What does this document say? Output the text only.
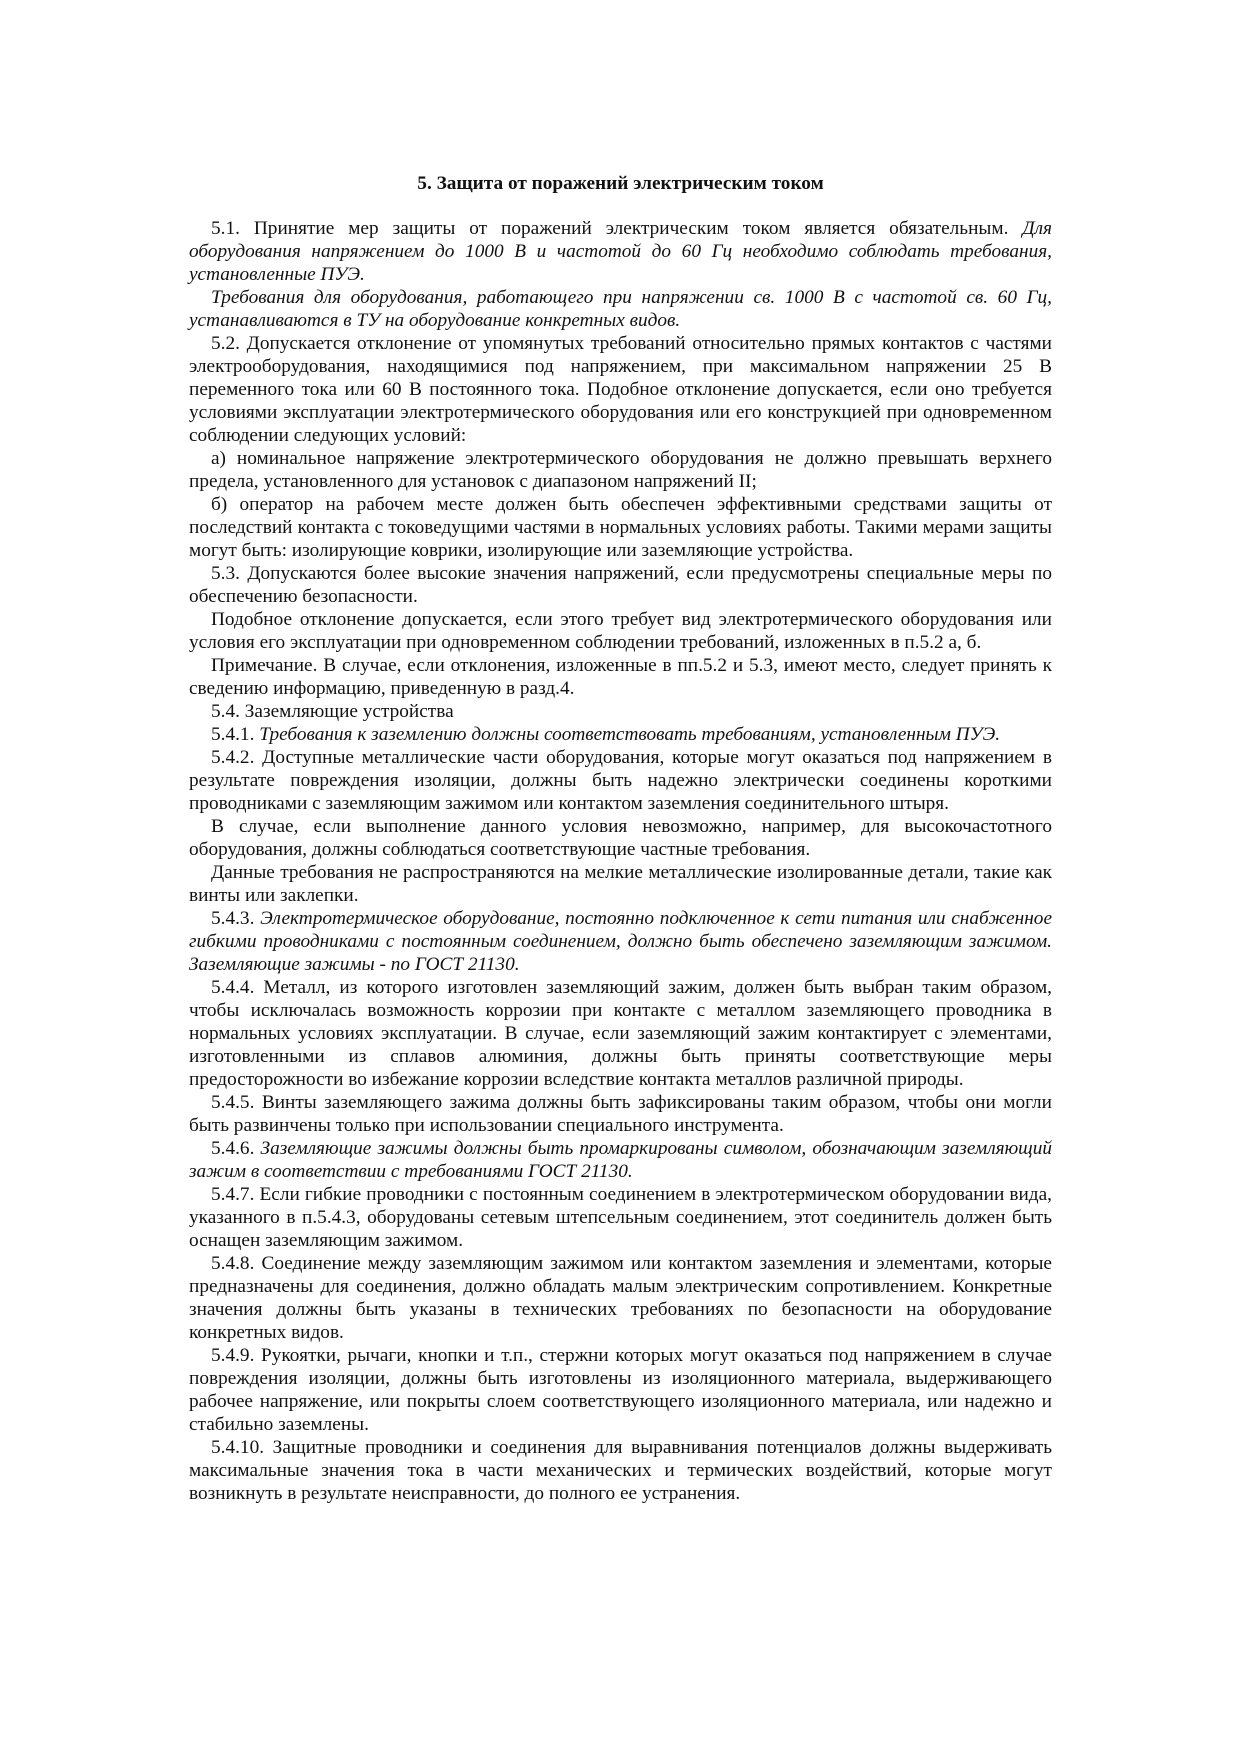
5. Защита от поражений электрическим током
5.1. Принятие мер защиты от поражений электрическим током является обязательным. Для оборудования напряжением до 1000 В и частотой до 60 Гц необходимо соблюдать требования, установленные ПУЭ.
Требования для оборудования, работающего при напряжении св. 1000 В с частотой св. 60 Гц, устанавливаются в ТУ на оборудование конкретных видов.
5.2. Допускается отклонение от упомянутых требований относительно прямых контактов с частями электрооборудования, находящимися под напряжением, при максимальном напряжении 25 В переменного тока или 60 В постоянного тока. Подобное отклонение допускается, если оно требуется условиями эксплуатации электротермического оборудования или его конструкцией при одновременном соблюдении следующих условий:
а) номинальное напряжение электротермического оборудования не должно превышать верхнего предела, установленного для установок с диапазоном напряжений II;
б) оператор на рабочем месте должен быть обеспечен эффективными средствами защиты от последствий контакта с токоведущими частями в нормальных условиях работы. Такими мерами защиты могут быть: изолирующие коврики, изолирующие или заземляющие устройства.
5.3. Допускаются более высокие значения напряжений, если предусмотрены специальные меры по обеспечению безопасности.
Подобное отклонение допускается, если этого требует вид электротермического оборудования или условия его эксплуатации при одновременном соблюдении требований, изложенных в п.5.2 а, б.
Примечание. В случае, если отклонения, изложенные в пп.5.2 и 5.3, имеют место, следует принять к сведению информацию, приведенную в разд.4.
5.4. Заземляющие устройства
5.4.1. Требования к заземлению должны соответствовать требованиям, установленным ПУЭ.
5.4.2. Доступные металлические части оборудования, которые могут оказаться под напряжением в результате повреждения изоляции, должны быть надежно электрически соединены короткими проводниками с заземляющим зажимом или контактом заземления соединительного штыря.
В случае, если выполнение данного условия невозможно, например, для высокочастотного оборудования, должны соблюдаться соответствующие частные требования.
Данные требования не распространяются на мелкие металлические изолированные детали, такие как винты или заклепки.
5.4.3. Электротермическое оборудование, постоянно подключенное к сети питания или снабженное гибкими проводниками с постоянным соединением, должно быть обеспечено заземляющим зажимом. Заземляющие зажимы - по ГОСТ 21130.
5.4.4. Металл, из которого изготовлен заземляющий зажим, должен быть выбран таким образом, чтобы исключалась возможность коррозии при контакте с металлом заземляющего проводника в нормальных условиях эксплуатации. В случае, если заземляющий зажим контактирует с элементами, изготовленными из сплавов алюминия, должны быть приняты соответствующие меры предосторожности во избежание коррозии вследствие контакта металлов различной природы.
5.4.5. Винты заземляющего зажима должны быть зафиксированы таким образом, чтобы они могли быть развинчены только при использовании специального инструмента.
5.4.6. Заземляющие зажимы должны быть промаркированы символом, обозначающим заземляющий зажим в соответствии с требованиями ГОСТ 21130.
5.4.7. Если гибкие проводники с постоянным соединением в электротермическом оборудовании вида, указанного в п.5.4.3, оборудованы сетевым штепсельным соединением, этот соединитель должен быть оснащен заземляющим зажимом.
5.4.8. Соединение между заземляющим зажимом или контактом заземления и элементами, которые предназначены для соединения, должно обладать малым электрическим сопротивлением. Конкретные значения должны быть указаны в технических требованиях по безопасности на оборудование конкретных видов.
5.4.9. Рукоятки, рычаги, кнопки и т.п., стержни которых могут оказаться под напряжением в случае повреждения изоляции, должны быть изготовлены из изоляционного материала, выдерживающего рабочее напряжение, или покрыты слоем соответствующего изоляционного материала, или надежно и стабильно заземлены.
5.4.10. Защитные проводники и соединения для выравнивания потенциалов должны выдерживать максимальные значения тока в части механических и термических воздействий, которые могут возникнуть в результате неисправности, до полного ее устранения.
